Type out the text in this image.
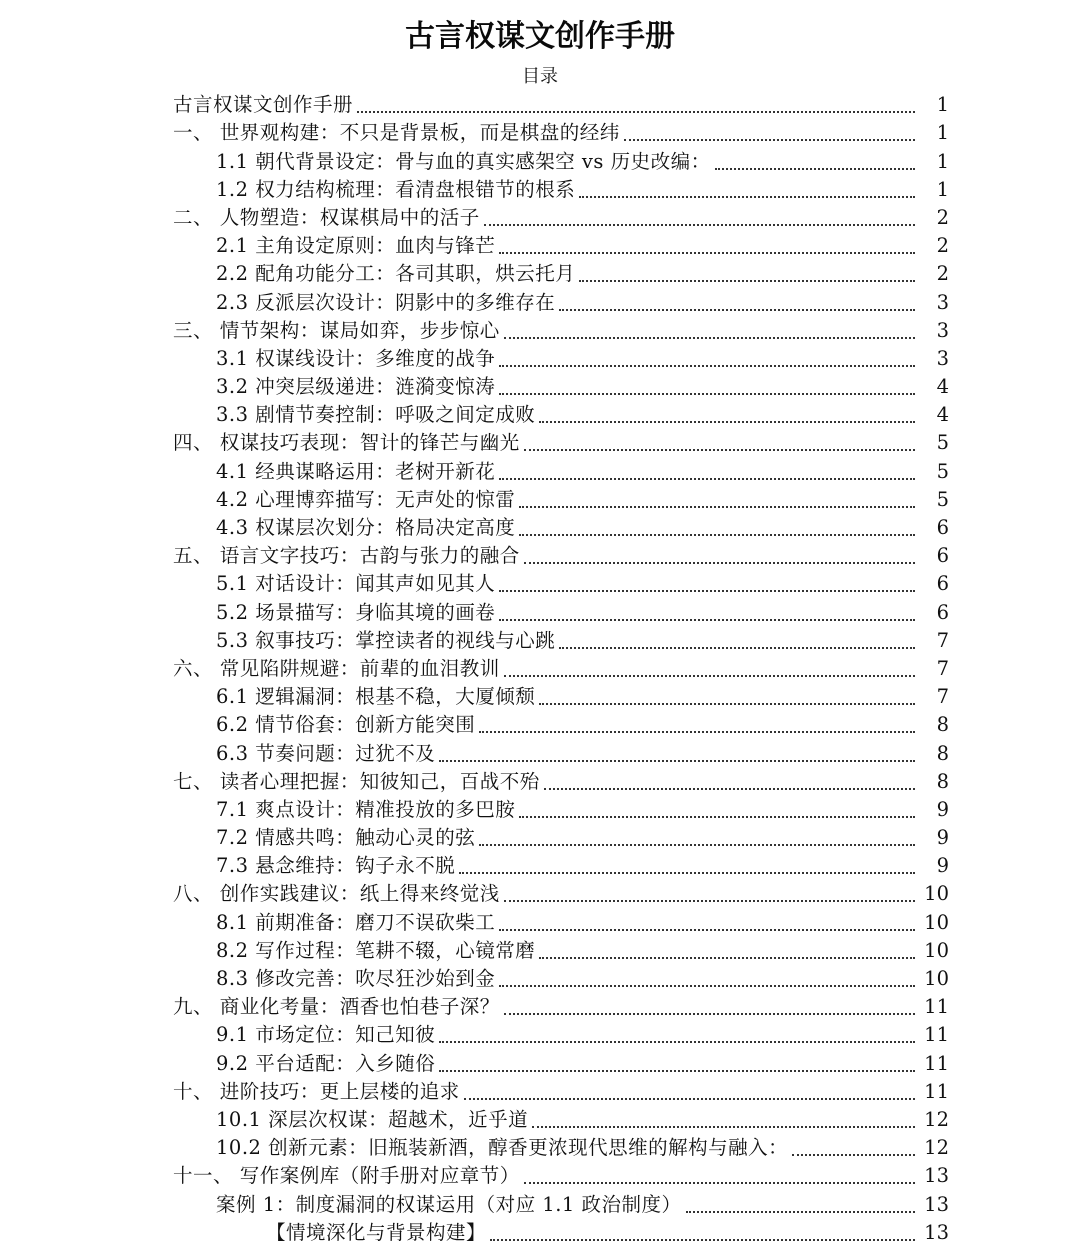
古言权谋文创作手册
目录
古言权谋文创作手册	1
一、 世界观构建：不只是背景板，而是棋盘的经纬	1
1.1 朝代背景设定：骨与血的真实感架空 vs 历史改编：	1
1.2 权力结构梳理：看清盘根错节的根系	1
二、 人物塑造：权谋棋局中的活子	2
2.1 主角设定原则：血肉与锋芒	2
2.2 配角功能分工：各司其职，烘云托月	2
2.3 反派层次设计：阴影中的多维存在	3
三、 情节架构：谋局如弈，步步惊心	3
3.1 权谋线设计：多维度的战争	3
3.2 冲突层级递进：涟漪变惊涛	4
3.3 剧情节奏控制：呼吸之间定成败	4
四、 权谋技巧表现：智计的锋芒与幽光	5
4.1 经典谋略运用：老树开新花	5
4.2 心理博弈描写：无声处的惊雷	5
4.3 权谋层次划分：格局决定高度	6
五、 语言文字技巧：古韵与张力的融合	6
5.1 对话设计：闻其声如见其人	6
5.2 场景描写：身临其境的画卷	6
5.3 叙事技巧：掌控读者的视线与心跳	7
六、 常见陷阱规避：前辈的血泪教训	7
6.1 逻辑漏洞：根基不稳，大厦倾颓	7
6.2 情节俗套：创新方能突围	8
6.3 节奏问题：过犹不及	8
七、 读者心理把握：知彼知己，百战不殆	8
7.1 爽点设计：精准投放的多巴胺	9
7.2 情感共鸣：触动心灵的弦	9
7.3 悬念维持：钩子永不脱	9
八、 创作实践建议：纸上得来终觉浅	10
8.1 前期准备：磨刀不误砍柴工	10
8.2 写作过程：笔耕不辍，心镜常磨	10
8.3 修改完善：吹尽狂沙始到金	10
九、 商业化考量：酒香也怕巷子深？	11
9.1 市场定位：知己知彼	11
9.2 平台适配：入乡随俗	11
十、 进阶技巧：更上层楼的追求	11
10.1 深层次权谋：超越术，近乎道	12
10.2 创新元素：旧瓶装新酒，醇香更浓现代思维的解构与融入：	12
十一、 写作案例库（附手册对应章节）	13
案例 1：制度漏洞的权谋运用（对应 1.1 政治制度）	13
【情境深化与背景构建】	13
